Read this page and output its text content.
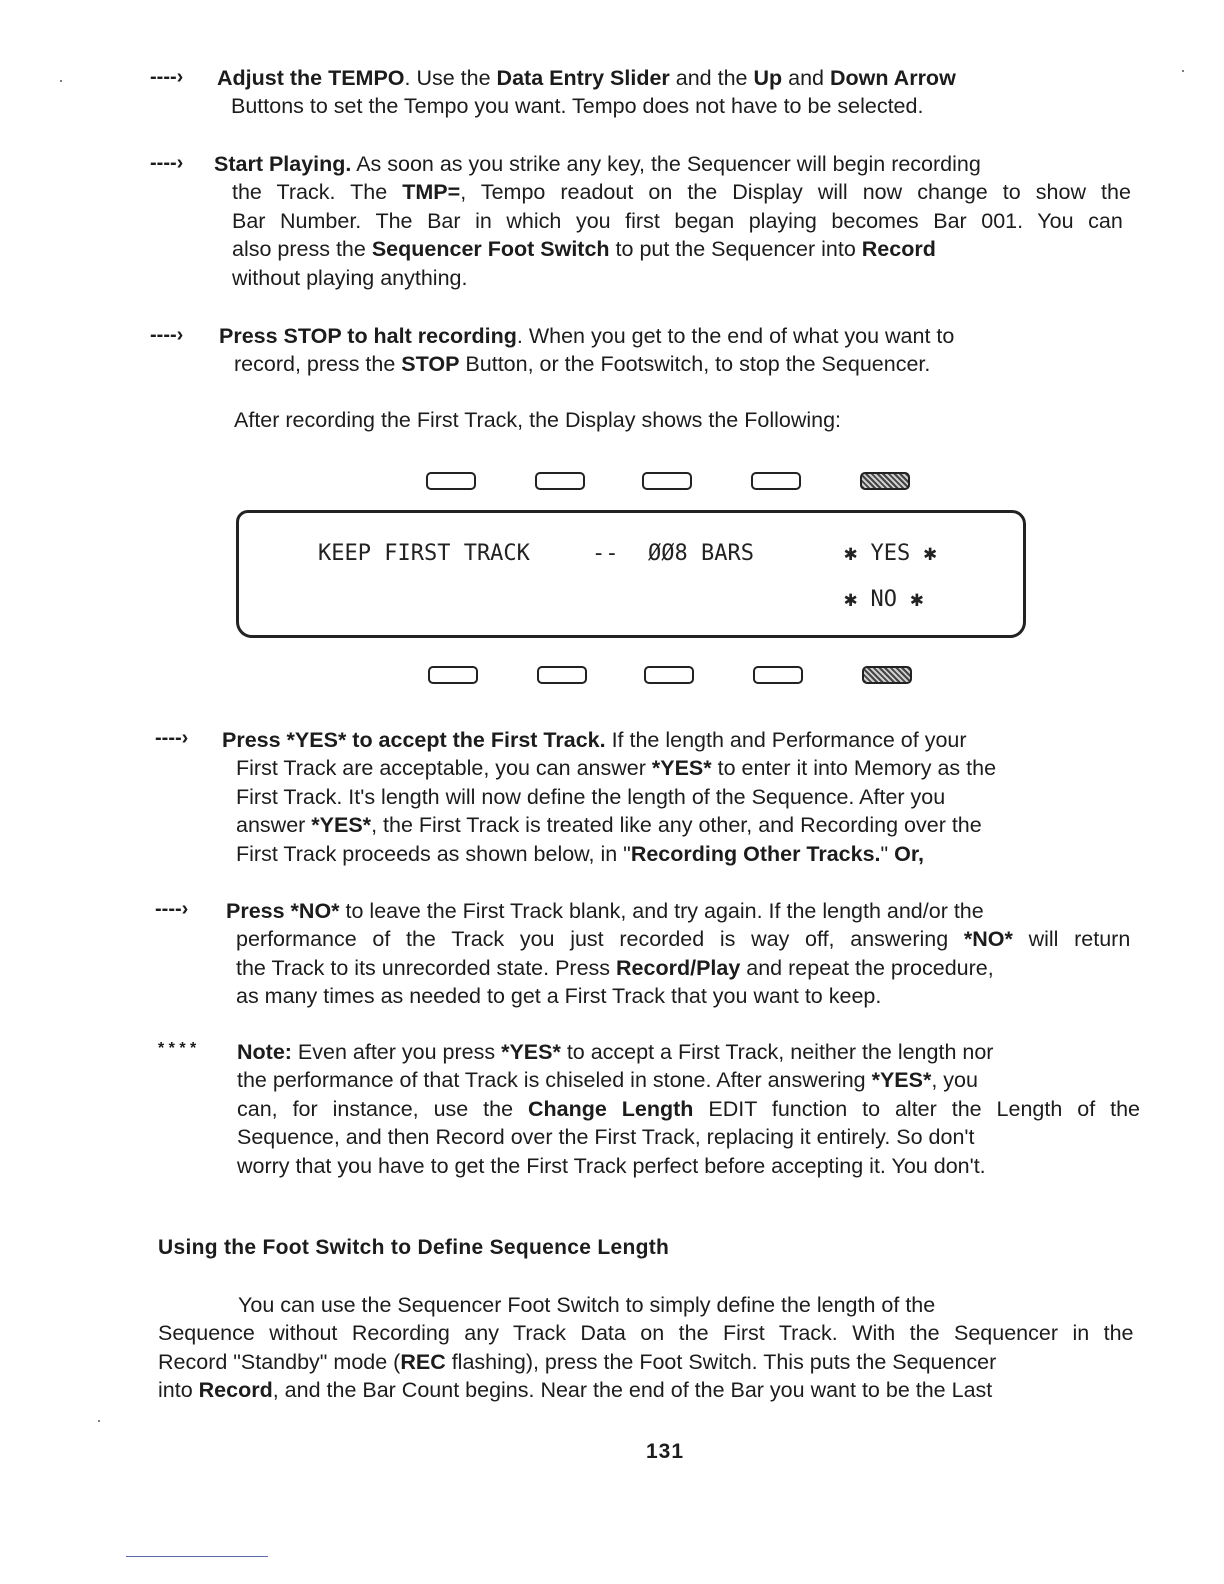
----›
----›
----›
----›
----›
* * * *
Adjust the TEMPO. Use the Data Entry Slider and the Up and Down Arrow
Buttons to set the Tempo you want. Tempo does not have to be selected.
Start Playing. As soon as you strike any key, the Sequencer will begin recording
the Track. The TMP=, Tempo readout on the Display will now change to show the
Bar Number. The Bar in which you first began playing becomes Bar 001. You can
also press the Sequencer Foot Switch to put the Sequencer into Record
without playing anything.
Press STOP to halt recording. When you get to the end of what you want to
record, press the STOP Button, or the Footswitch, to stop the Sequencer.
After recording the First Track, the Display shows the Following:
KEEP FIRST TRACK	-- ØØ8 BARS	✱ YES ✱
✱ NO ✱
Press *YES* to accept the First Track. If the length and Performance of your
First Track are acceptable, you can answer *YES* to enter it into Memory as the
First Track. It's length will now define the length of the Sequence. After you
answer *YES*, the First Track is treated like any other, and Recording over the
First Track proceeds as shown below, in "Recording Other Tracks." Or,
Press *NO* to leave the First Track blank, and try again. If the length and/or the
performance of the Track you just recorded is way off, answering *NO* will return
the Track to its unrecorded state. Press Record/Play and repeat the procedure,
as many times as needed to get a First Track that you want to keep.
Note: Even after you press *YES* to accept a First Track, neither the length nor
the performance of that Track is chiseled in stone. After answering *YES*, you
can, for instance, use the Change Length EDIT function to alter the Length of the
Sequence, and then Record over the First Track, replacing it entirely. So don't
worry that you have to get the First Track perfect before accepting it. You don't.
Using the Foot Switch to Define Sequence Length
You can use the Sequencer Foot Switch to simply define the length of the
Sequence without Recording any Track Data on the First Track. With the Sequencer in the
Record "Standby" mode (REC flashing), press the Foot Switch. This puts the Sequencer
into Record, and the Bar Count begins. Near the end of the Bar you want to be the Last
131
